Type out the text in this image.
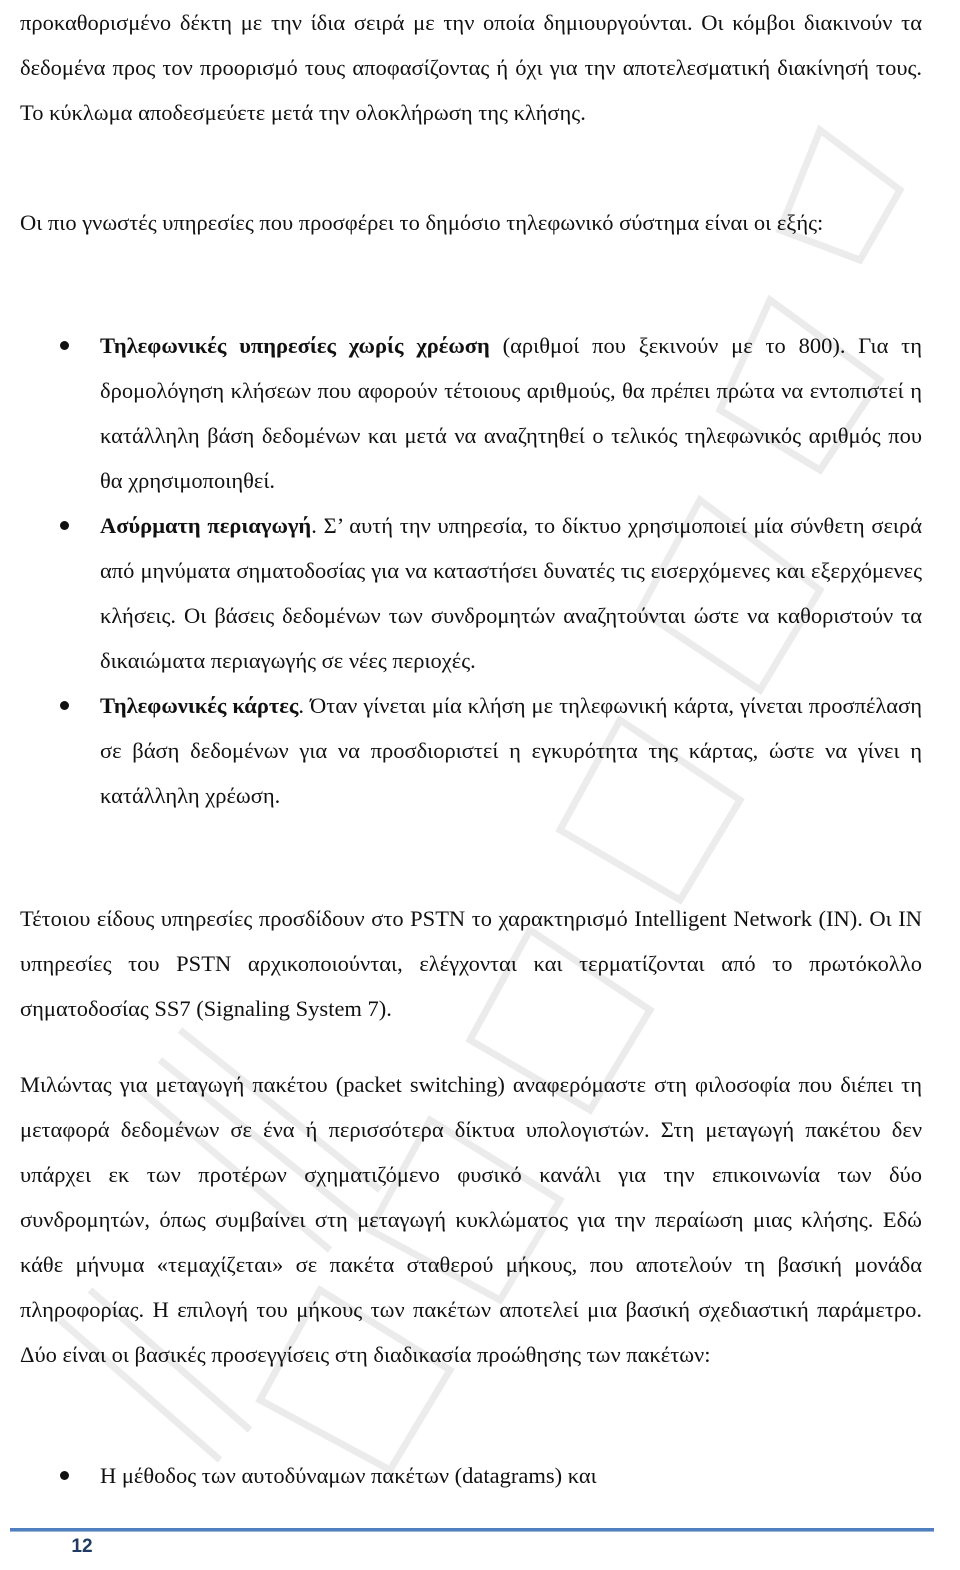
προκαθορισμένο δέκτη με την ίδια σειρά με την οποία δημιουργούνται. Οι κόμβοι διακινούν τα δεδομένα προς τον προορισμό τους αποφασίζοντας ή όχι για την αποτελεσματική διακίνησή τους. Το κύκλωμα αποδεσμεύετε μετά την ολοκλήρωση της κλήσης.

Οι πιο γνωστές υπηρεσίες που προσφέρει το δημόσιο τηλεφωνικό σύστημα είναι οι εξής:

Τηλεφωνικές υπηρεσίες χωρίς χρέωση (αριθμοί που ξεκινούν με το 800). Για τη δρομολόγηση κλήσεων που αφορούν τέτοιους αριθμούς, θα πρέπει πρώτα να εντοπιστεί η κατάλληλη βάση δεδομένων και μετά να αναζητηθεί ο τελικός τηλεφωνικός αριθμός που θα χρησιμοποιηθεί.
Ασύρματη περιαγωγή. Σ’ αυτή την υπηρεσία, το δίκτυο χρησιμοποιεί μία σύνθετη σειρά από μηνύματα σηματοδοσίας για να καταστήσει δυνατές τις εισερχόμενες και εξερχόμενες κλήσεις. Οι βάσεις δεδομένων των συνδρομητών αναζητούνται ώστε να καθοριστούν τα δικαιώματα περιαγωγής σε νέες περιοχές.
Τηλεφωνικές κάρτες. Όταν γίνεται μία κλήση με τηλεφωνική κάρτα, γίνεται προσπέλαση σε βάση δεδομένων για να προσδιοριστεί η εγκυρότητα της κάρτας, ώστε να γίνει η κατάλληλη χρέωση.

Τέτοιου είδους υπηρεσίες προσδίδουν στο PSTN το χαρακτηρισμό Intelligent Network (IN). Οι IN υπηρεσίες του PSTN αρχικοποιούνται, ελέγχονται και τερματίζονται από το πρωτόκολλο σηματοδοσίας SS7 (Signaling System 7).

Μιλώντας για μεταγωγή πακέτου (packet switching) αναφερόμαστε στη φιλοσοφία που διέπει τη μεταφορά δεδομένων σε ένα ή περισσότερα δίκτυα υπολογιστών. Στη μεταγωγή πακέτου δεν υπάρχει εκ των προτέρων σχηματιζόμενο φυσικό κανάλι για την επικοινωνία των δύο συνδρομητών, όπως συμβαίνει στη μεταγωγή κυκλώματος για την περαίωση μιας κλήσης. Εδώ κάθε μήνυμα «τεμαχίζεται» σε πακέτα σταθερού μήκους, που αποτελούν τη βασική μονάδα πληροφορίας. Η επιλογή του μήκους των πακέτων αποτελεί μια βασική σχεδιαστική παράμετρο. Δύο είναι οι βασικές προσεγγίσεις στη διαδικασία προώθησης των πακέτων:

Η μέθοδος των αυτοδύναμων πακέτων (datagrams) και
12
